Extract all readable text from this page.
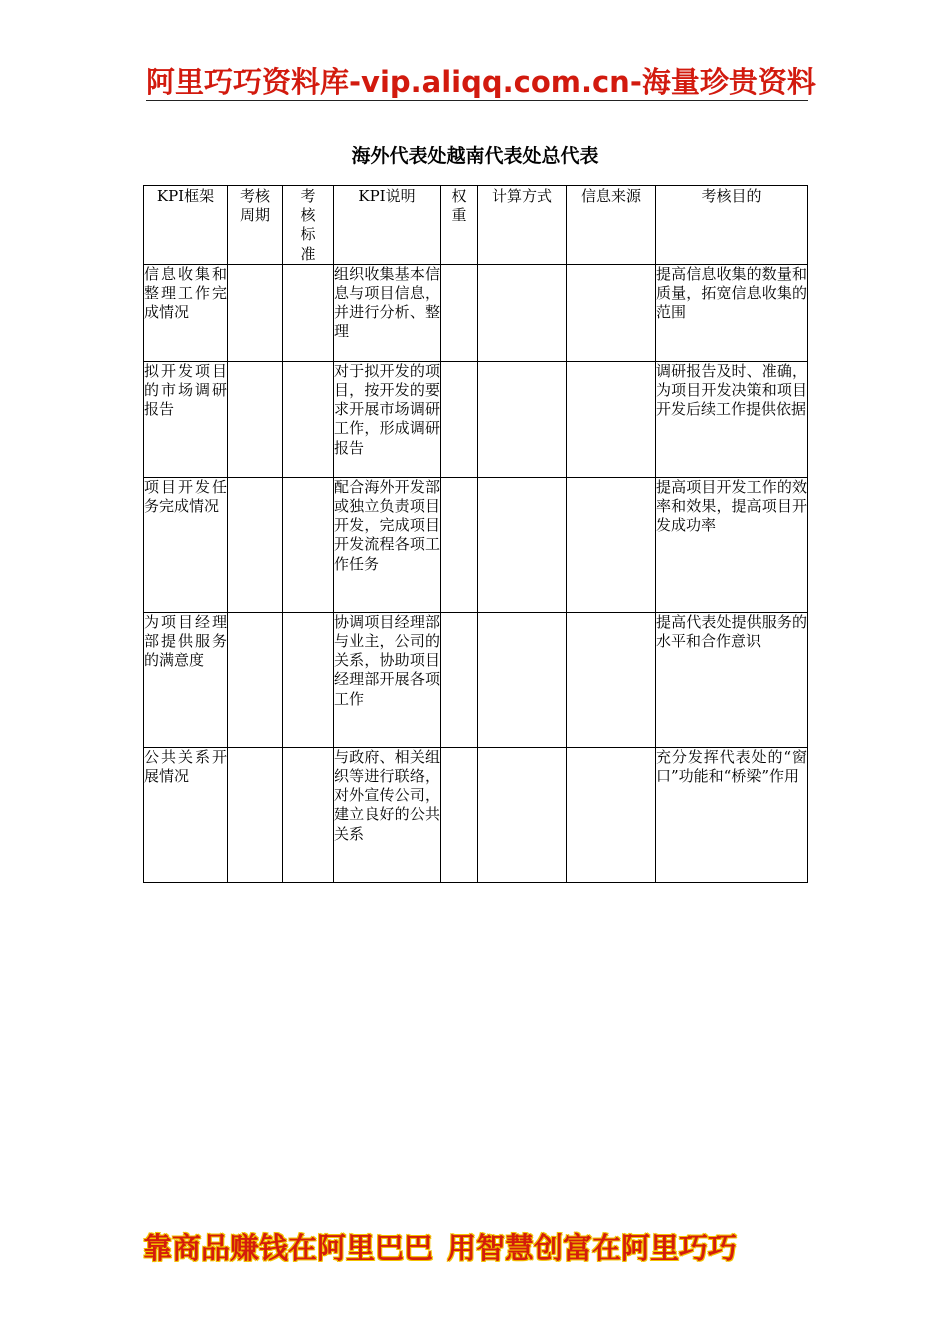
阿里巧巧资料库-vip.aliqq.com.cn-海量珍贵资料
海外代表处越南代表处总代表
KPI框架	考核周期	考核标准	KPI说明	权重	计算方式	信息来源	考核目的
信息收集和整理工作完成情况			组织收集基本信息与项目信息，并进行分析、整理				提高信息收集的数量和质量，拓宽信息收集的范围
拟开发项目的市场调研报告			对于拟开发的项目，按开发的要求开展市场调研工作，形成调研报告				调研报告及时、准确，为项目开发决策和项目开发后续工作提供依据
项目开发任务完成情况			配合海外开发部或独立负责项目开发，完成项目开发流程各项工作任务				提高项目开发工作的效率和效果，提高项目开发成功率
为项目经理部提供服务的满意度			协调项目经理部与业主，公司的关系，协助项目经理部开展各项工作				提高代表处提供服务的水平和合作意识
公共关系开展情况			与政府、相关组织等进行联络，对外宣传公司，建立良好的公共关系				充分发挥代表处的“窗口”功能和“桥梁”作用
靠商品赚钱在阿里巴巴 用智慧创富在阿里巧巧
